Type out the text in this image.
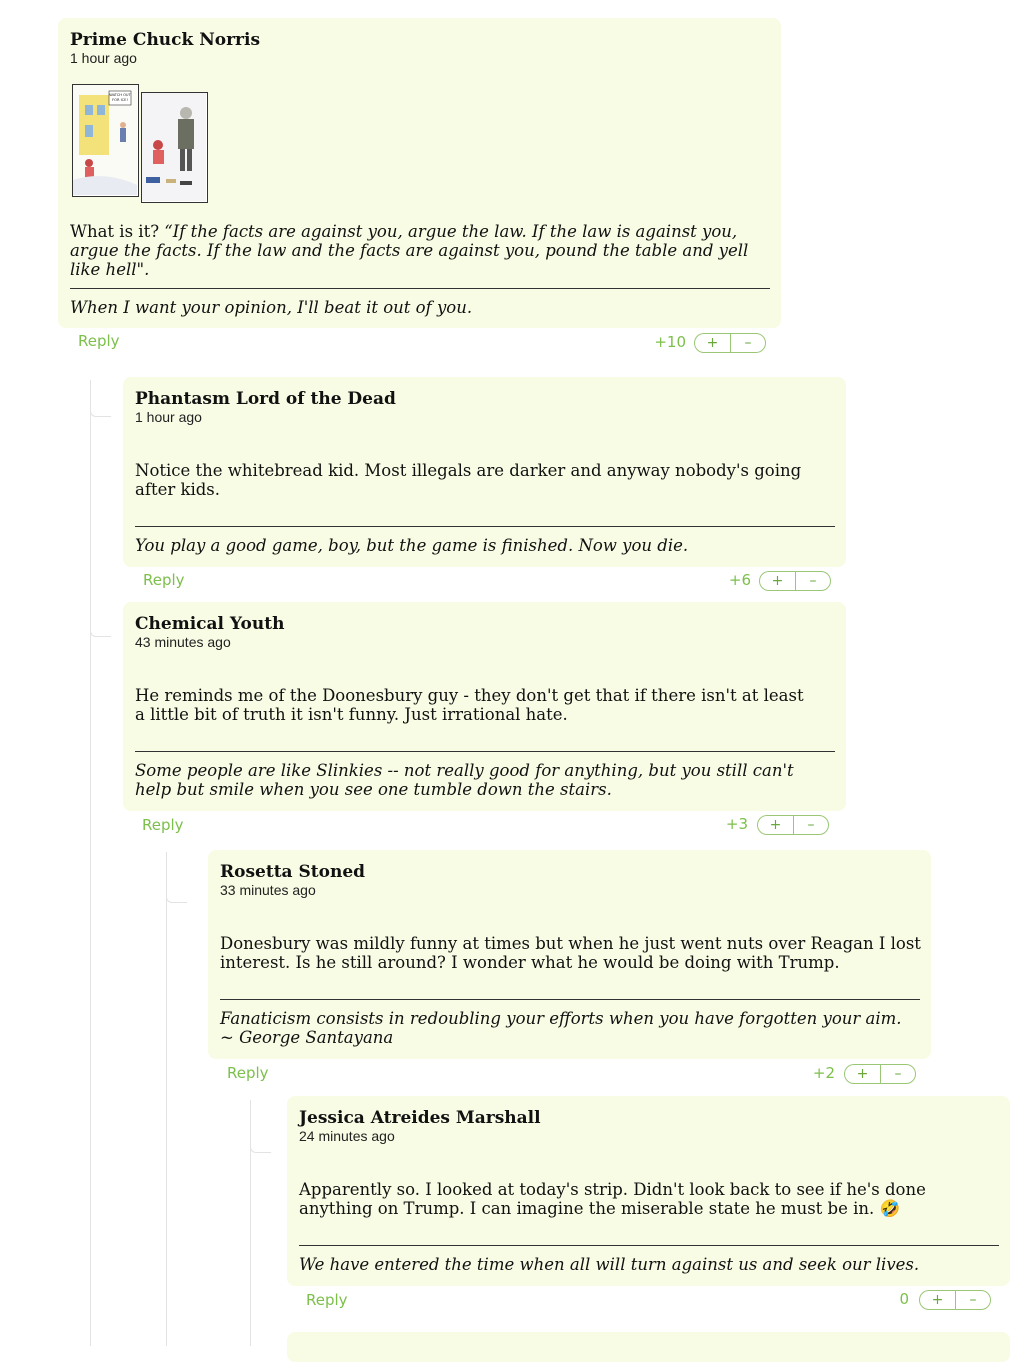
Prime Chuck Norris
1 hour ago
WATCH OUT
FOR ICE!
What is it? “If the facts are against you, argue the law. If the law is against you, argue the facts. If the law and the facts are against you, pound the table and yell like hell".
When I want your opinion, I'll beat it out of you.
Reply	+10	+	–
Phantasm Lord of the Dead
1 hour ago
Notice the whitebread kid. Most illegals are darker and anyway nobody's going after kids.
You play a good game, boy, but the game is finished. Now you die.
Reply	+6	+	–
Chemical Youth
43 minutes ago
He reminds me of the Doonesbury guy - they don't get that if there isn't at least a little bit of truth it isn't funny. Just irrational hate.
Some people are like Slinkies -- not really good for anything, but you still can't help but smile when you see one tumble down the stairs.
Reply	+3	+	–
Rosetta Stoned
33 minutes ago
Donesbury was mildly funny at times but when he just went nuts over Reagan I lost interest. Is he still around? I wonder what he would be doing with Trump.
Fanaticism consists in redoubling your efforts when you have forgotten your aim. ~ George Santayana
Reply	+2	+	–
Jessica Atreides Marshall
24 minutes ago
Apparently so. I looked at today's strip. Didn't look back to see if he's done anything on Trump. I can imagine the miserable state he must be in. 🤣
We have entered the time when all will turn against us and seek our lives.
Reply	0	+	–
